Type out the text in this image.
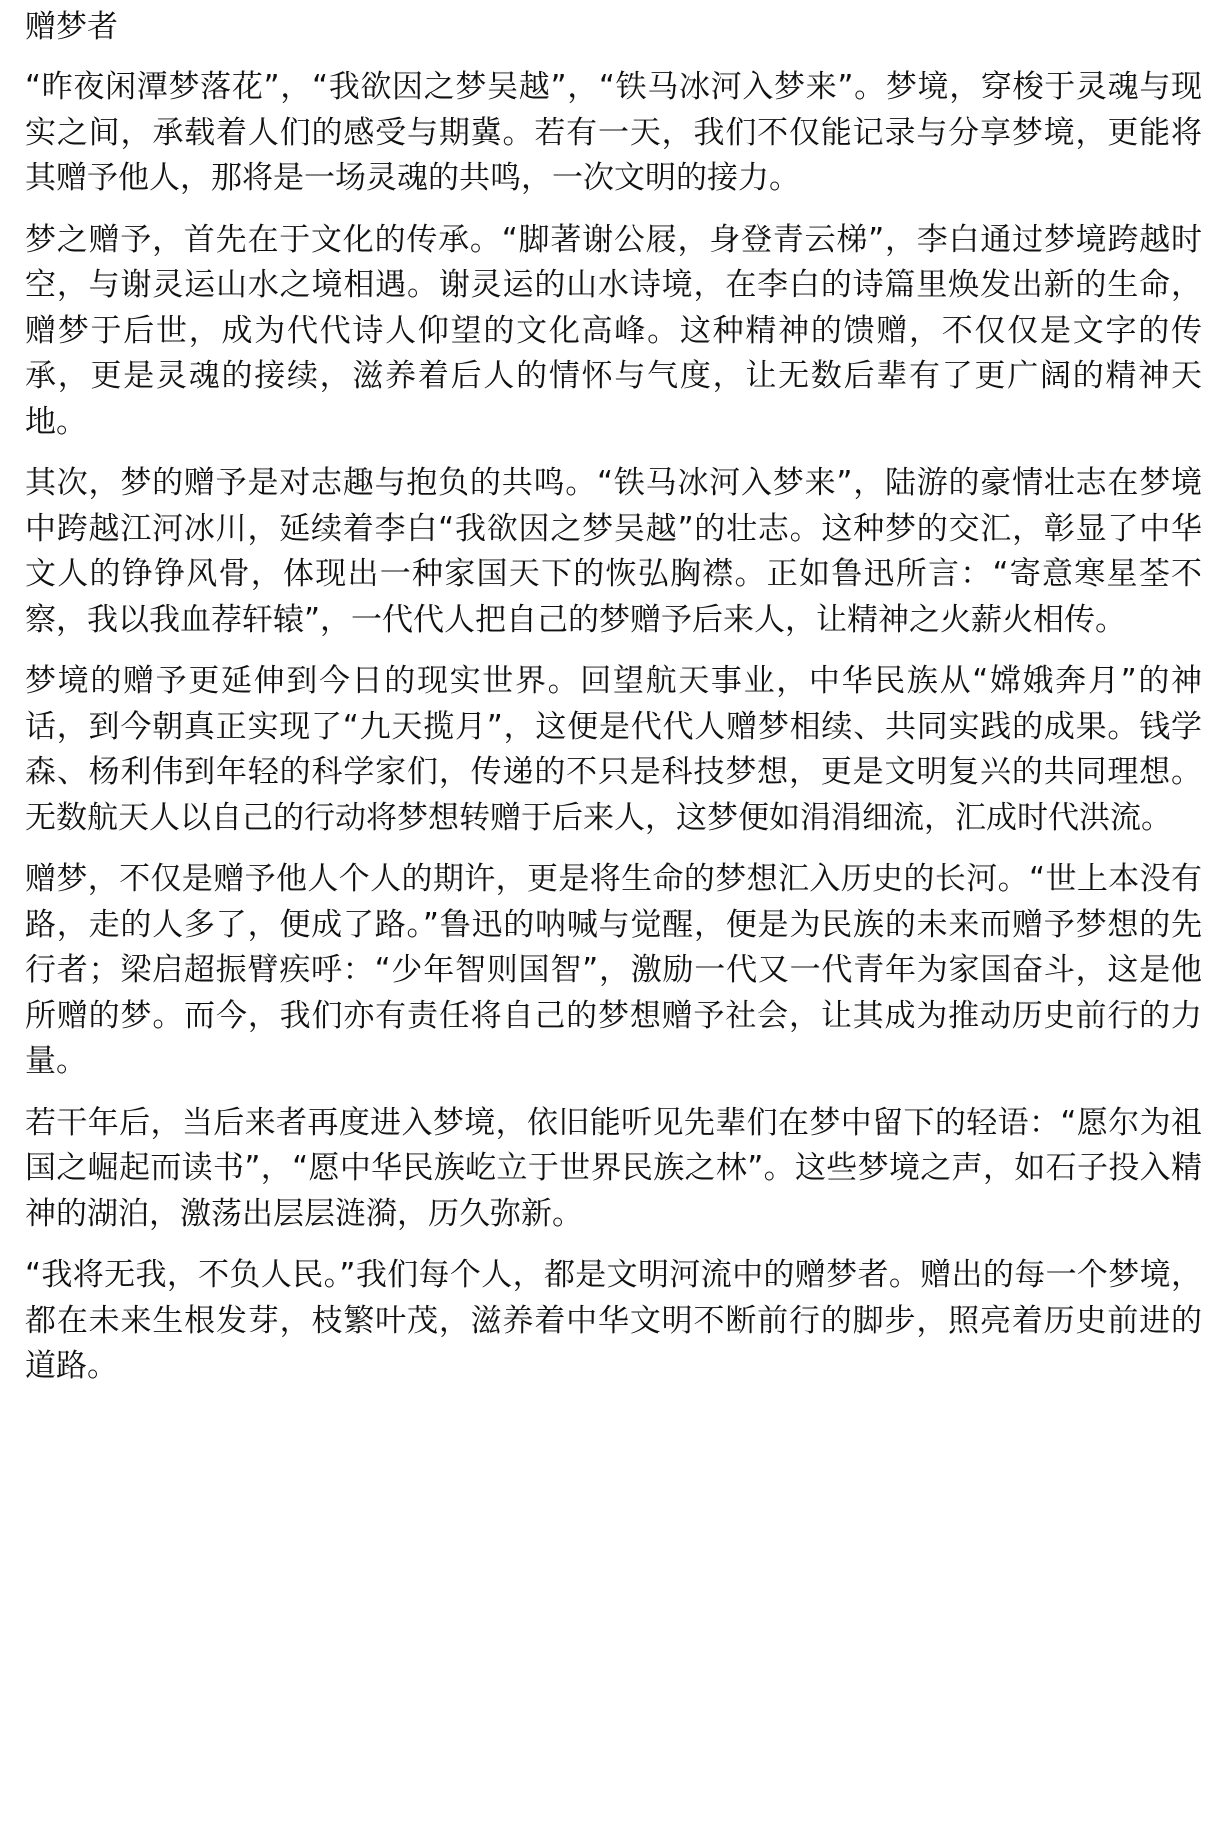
赠梦者

“昨夜闲潭梦落花”，“我欲因之梦吴越”，“铁马冰河入梦来”。梦境，穿梭于灵魂与现实之间，承载着人们的感受与期冀。若有一天，我们不仅能记录与分享梦境，更能将其赠予他人，那将是一场灵魂的共鸣，一次文明的接力。

梦之赠予，首先在于文化的传承。“脚著谢公屐，身登青云梯”，李白通过梦境跨越时空，与谢灵运山水之境相遇。谢灵运的山水诗境，在李白的诗篇里焕发出新的生命，赠梦于后世，成为代代诗人仰望的文化高峰。这种精神的馈赠，不仅仅是文字的传承，更是灵魂的接续，滋养着后人的情怀与气度，让无数后辈有了更广阔的精神天地。

其次，梦的赠予是对志趣与抱负的共鸣。“铁马冰河入梦来”，陆游的豪情壮志在梦境中跨越江河冰川，延续着李白“我欲因之梦吴越”的壮志。这种梦的交汇，彰显了中华文人的铮铮风骨，体现出一种家国天下的恢弘胸襟。正如鲁迅所言：“寄意寒星荃不察，我以我血荐轩辕”，一代代人把自己的梦赠予后来人，让精神之火薪火相传。

梦境的赠予更延伸到今日的现实世界。回望航天事业，中华民族从“嫦娥奔月”的神话，到今朝真正实现了“九天揽月”，这便是代代人赠梦相续、共同实践的成果。钱学森、杨利伟到年轻的科学家们，传递的不只是科技梦想，更是文明复兴的共同理想。无数航天人以自己的行动将梦想转赠于后来人，这梦便如涓涓细流，汇成时代洪流。

赠梦，不仅是赠予他人个人的期许，更是将生命的梦想汇入历史的长河。“世上本没有路，走的人多了，便成了路。”鲁迅的呐喊与觉醒，便是为民族的未来而赠予梦想的先行者；梁启超振臂疾呼：“少年智则国智”，激励一代又一代青年为家国奋斗，这是他所赠的梦。而今，我们亦有责任将自己的梦想赠予社会，让其成为推动历史前行的力量。

若干年后，当后来者再度进入梦境，依旧能听见先辈们在梦中留下的轻语：“愿尔为祖国之崛起而读书”，“愿中华民族屹立于世界民族之林”。这些梦境之声，如石子投入精神的湖泊，激荡出层层涟漪，历久弥新。

“我将无我，不负人民。”我们每个人，都是文明河流中的赠梦者。赠出的每一个梦境，都在未来生根发芽，枝繁叶茂，滋养着中华文明不断前行的脚步，照亮着历史前进的道路。
